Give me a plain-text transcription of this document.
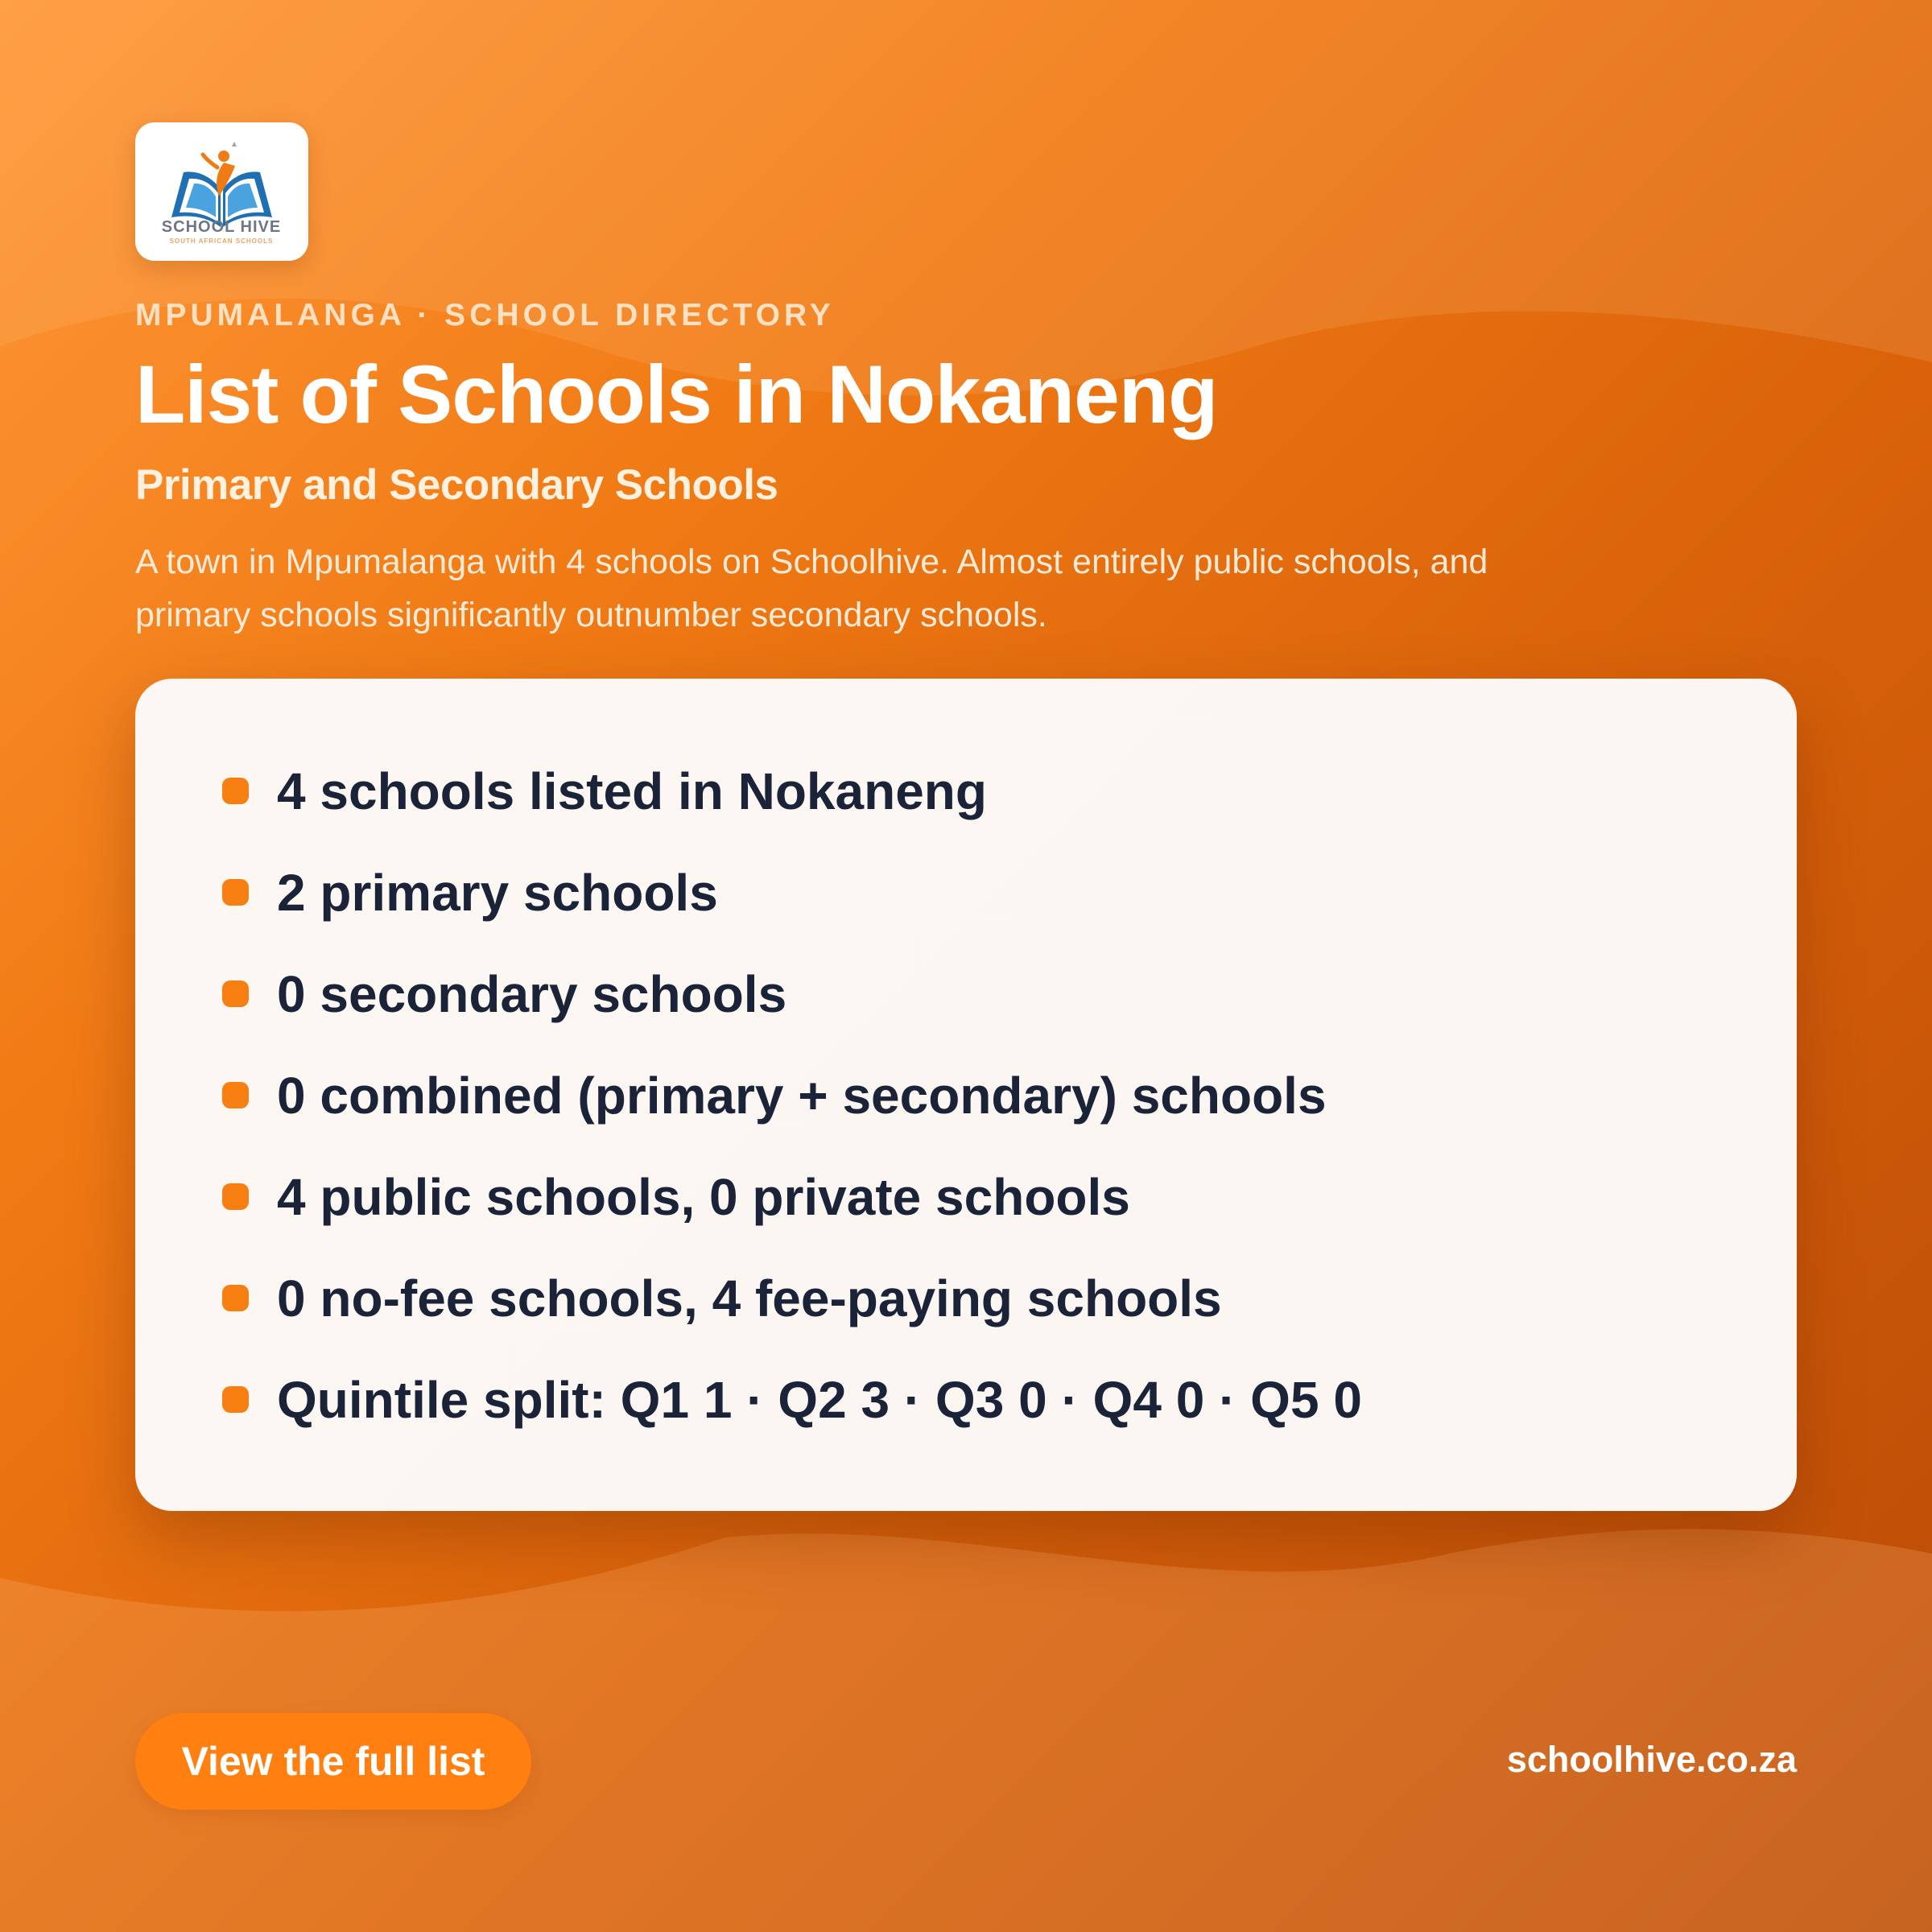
SCHOOL HIVE
SOUTH AFRICAN SCHOOLS
MPUMALANGA · SCHOOL DIRECTORY
List of Schools in Nokaneng
Primary and Secondary Schools

A town in Mpumalanga with 4 schools on Schoolhive. Almost entirely public schools, and primary schools significantly outnumber secondary schools.

4 schools listed in Nokaneng
2 primary schools
0 secondary schools
0 combined (primary + secondary) schools
4 public schools, 0 private schools
0 no-fee schools, 4 fee-paying schools
Quintile split: Q1 1 · Q2 3 · Q3 0 · Q4 0 · Q5 0
View the full list	schoolhive.co.za
